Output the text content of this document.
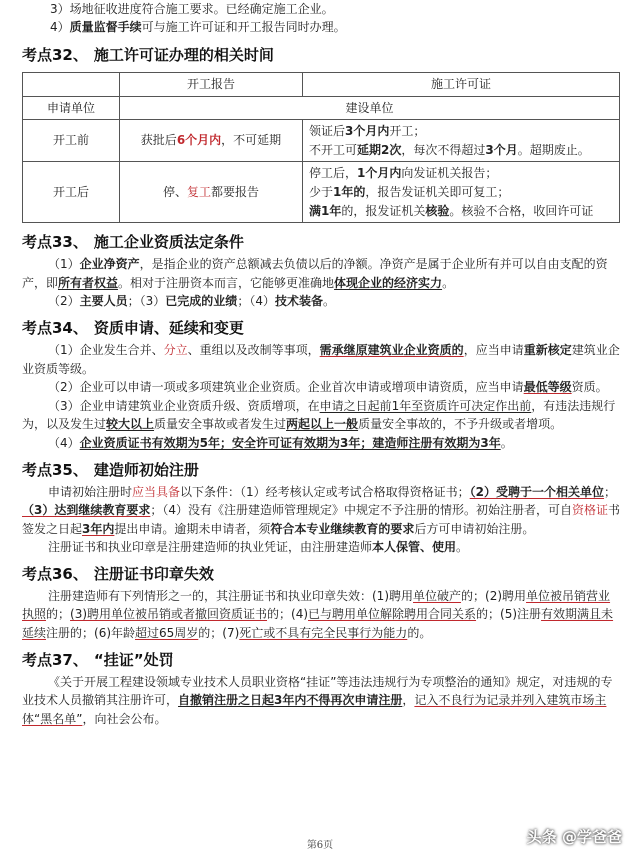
3）场地征收进度符合施工要求。已经确定施工企业。
4）质量监督手续可与施工许可证和开工报告同时办理。
考点32、 施工许可证办理的相关时间
	开工报告	施工许可证
申请单位	建设单位	
开工前	获批后6个月内，不可延期	领证后3个月内开工；
不开工可延期2次，每次不得超过3个月。超期废止。

开工后	停、复工都要报告	停工后，1个月内向发证机关报告；
少于1年的，报告发证机关即可复工；
满1年的，报发证机关核验。核验不合格，收回许可证
考点33、 施工企业资质法定条件

（1）企业净资产，是指企业的资产总额减去负债以后的净额。净资产是属于企业所有并可以自由支配的资产，即所有者权益。相对于注册资本而言，它能够更准确地体现企业的经济实力。

（2）主要人员；（3）已完成的业绩；（4）技术装备。

考点34、 资质申请、延续和变更

（1）企业发生合并、分立、重组以及改制等事项，需承继原建筑业企业资质的，应当申请重新核定建筑业企业资质等级。

（2）企业可以申请一项或多项建筑业企业资质。企业首次申请或增项申请资质，应当申请最低等级资质。

（3）企业申请建筑业企业资质升级、资质增项，在申请之日起前1年至资质许可决定作出前，有违法违规行为，以及发生过较大以上质量安全事故或者发生过两起以上一般质量安全事故的，不予升级或者增项。

（4）企业资质证书有效期为5年；安全许可证有效期为3年；建造师注册有效期为3年。

考点35、 建造师初始注册

申请初始注册时应当具备以下条件：（1）经考核认定或考试合格取得资格证书；（2）受聘于一个相关单位；（3）达到继续教育要求；（4）没有《注册建造师管理规定》中规定不予注册的情形。初始注册者，可自资格证书签发之日起3年内提出申请。逾期未申请者，须符合本专业继续教育的要求后方可申请初始注册。

注册证书和执业印章是注册建造师的执业凭证，由注册建造师本人保管、使用。

考点36、 注册证书印章失效

注册建造师有下列情形之一的，其注册证书和执业印章失效：(1)聘用单位破产的；(2)聘用单位被吊销营业执照的；(3)聘用单位被吊销或者撤回资质证书的；(4)已与聘用单位解除聘用合同关系的；(5)注册有效期满且未延续注册的；(6)年龄超过65周岁的；(7)死亡或不具有完全民事行为能力的。

考点37、 “挂证”处罚

《关于开展工程建设领域专业技术人员职业资格“挂证”等违法违规行为专项整治的通知》规定，对违规的专业技术人员撤销其注册许可，自撤销注册之日起3年内不得再次申请注册，记入不良行为记录并列入建筑市场主体“黑名单”，向社会公布。

第6页	头条 @学爸爸
